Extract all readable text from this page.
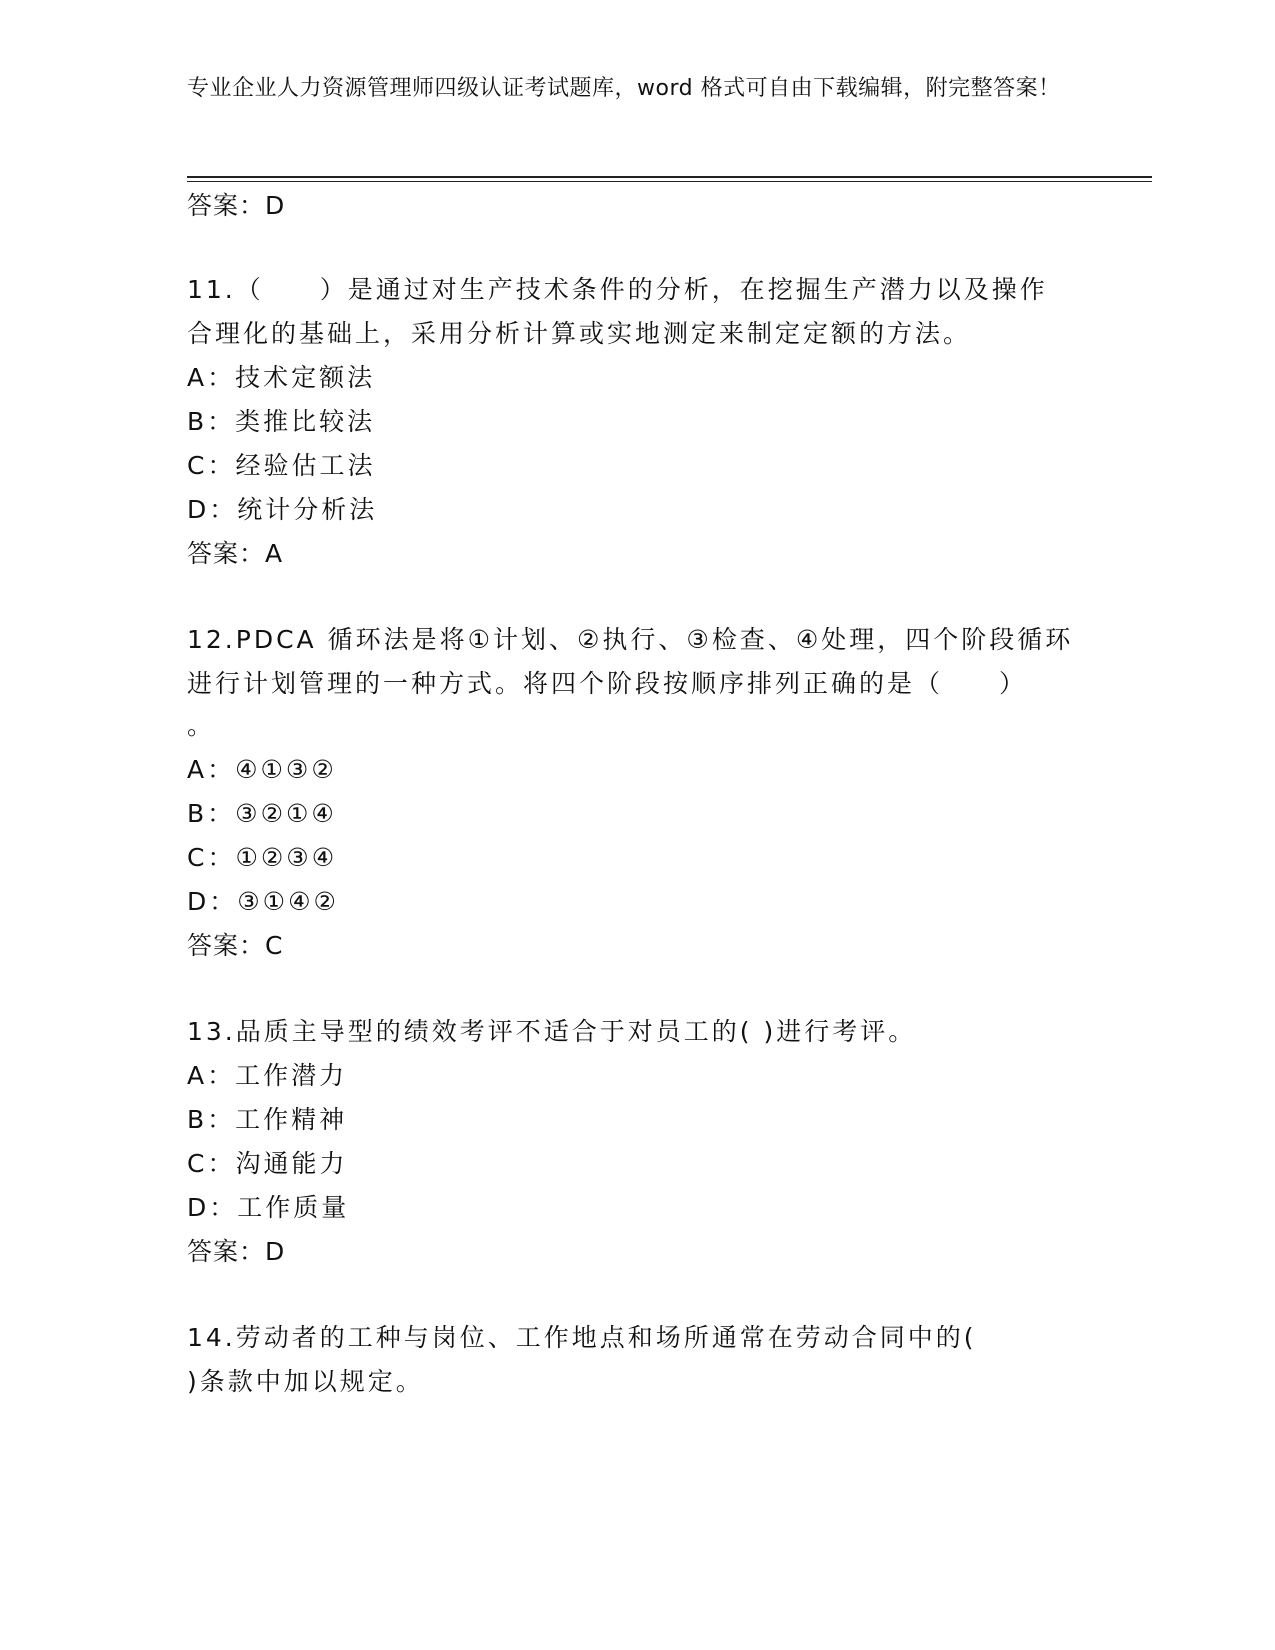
专业企业人力资源管理师四级认证考试题库，word 格式可自由下载编辑，附完整答案！
答案：D
11.（　　）是通过对生产技术条件的分析，在挖掘生产潜力以及操作
合理化的基础上，采用分析计算或实地测定来制定定额的方法。
A：技术定额法
B：类推比较法
C：经验估工法
D：统计分析法
答案：A
12.PDCA 循环法是将①计划、②执行、③检查、④处理，四个阶段循环
进行计划管理的一种方式。将四个阶段按顺序排列正确的是（　　）
。
A：④①③②
B：③②①④
C：①②③④
D：③①④②
答案：C
13.品质主导型的绩效考评不适合于对员工的( )进行考评。
A：工作潜力
B：工作精神
C：沟通能力
D：工作质量
答案：D
14.劳动者的工种与岗位、工作地点和场所通常在劳动合同中的(
)条款中加以规定。
